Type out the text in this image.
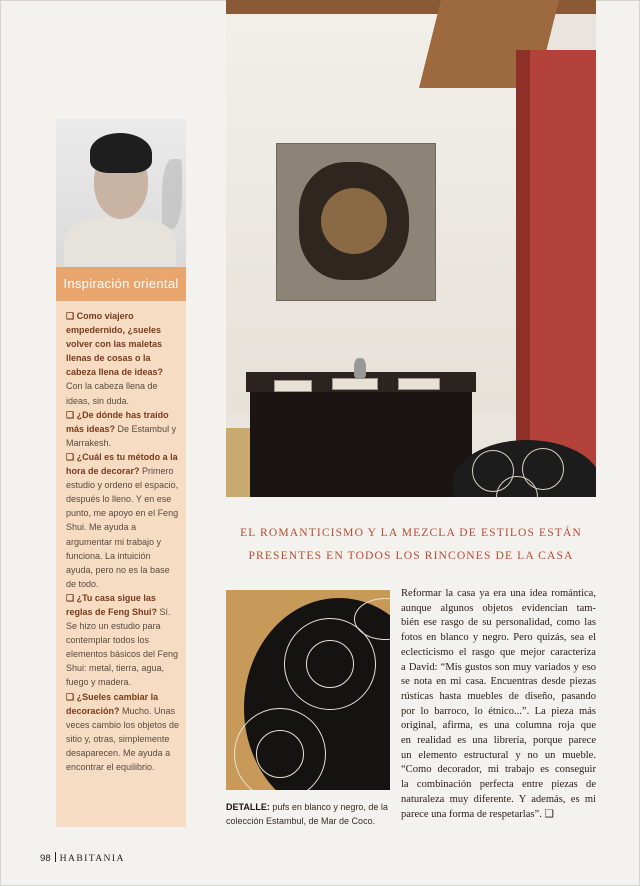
Inspiración oriental
❑ Como viajero empedernido, ¿sueles volver con las maletas llenas de cosas o la cabeza llena de ideas? Con la cabeza llena de ideas, sin duda.
❑ ¿De dónde has traído más ideas? De Estambul y Marrakesh.
❑ ¿Cuál es tu método a la hora de decorar? Primero estudio y ordeno el espacio, después lo lleno. Y en ese punto, me apoyo en el Feng Shui. Me ayuda a argumentar mi trabajo y funciona. La intuición ayuda, pero no es la base de todo.
❑ ¿Tu casa sigue las reglas de Feng Shui? Sí. Se hizo un estudio para contemplar todos los elementos básicos del Feng Shui: metal, tierra, agua, fuego y madera.
❑ ¿Sueles cambiar la decoración? Mucho. Unas veces cambio los objetos de sitio y, otras, simplemente desaparecen. Me ayuda a encontrar el equilibrio.
EL ROMANTICISMO Y LA MEZCLA DE ESTILOS ESTÁN
PRESENTES EN TODOS LOS RINCONES DE LA CASA
DETALLE: pufs en blanco y negro, de la colección Estambul, de Mar de Coco.
Reformar la casa ya era una idea romántica,
aunque algunos objetos evidencian tam-
bién ese rasgo de su personalidad, como las
fotos en blanco y negro. Pero quizás, sea el
eclecticismo el rasgo que mejor caracteriza
a David: “Mis gustos son muy variados y eso
se nota en mi casa. Encuentras desde piezas
rústicas hasta muebles de diseño, pasando
por lo barroco, lo étnico...”. La pieza más
original, afirma, es una columna roja que
en realidad es una librería, porque parece
un elemento estructural y no un mueble.
“Como decorador, mi trabajo es conseguir
la combinación perfecta entre piezas de
naturaleza muy diferente. Y además, es mi
parece una forma de respetarlas”. ❑
98 HABITANIA
